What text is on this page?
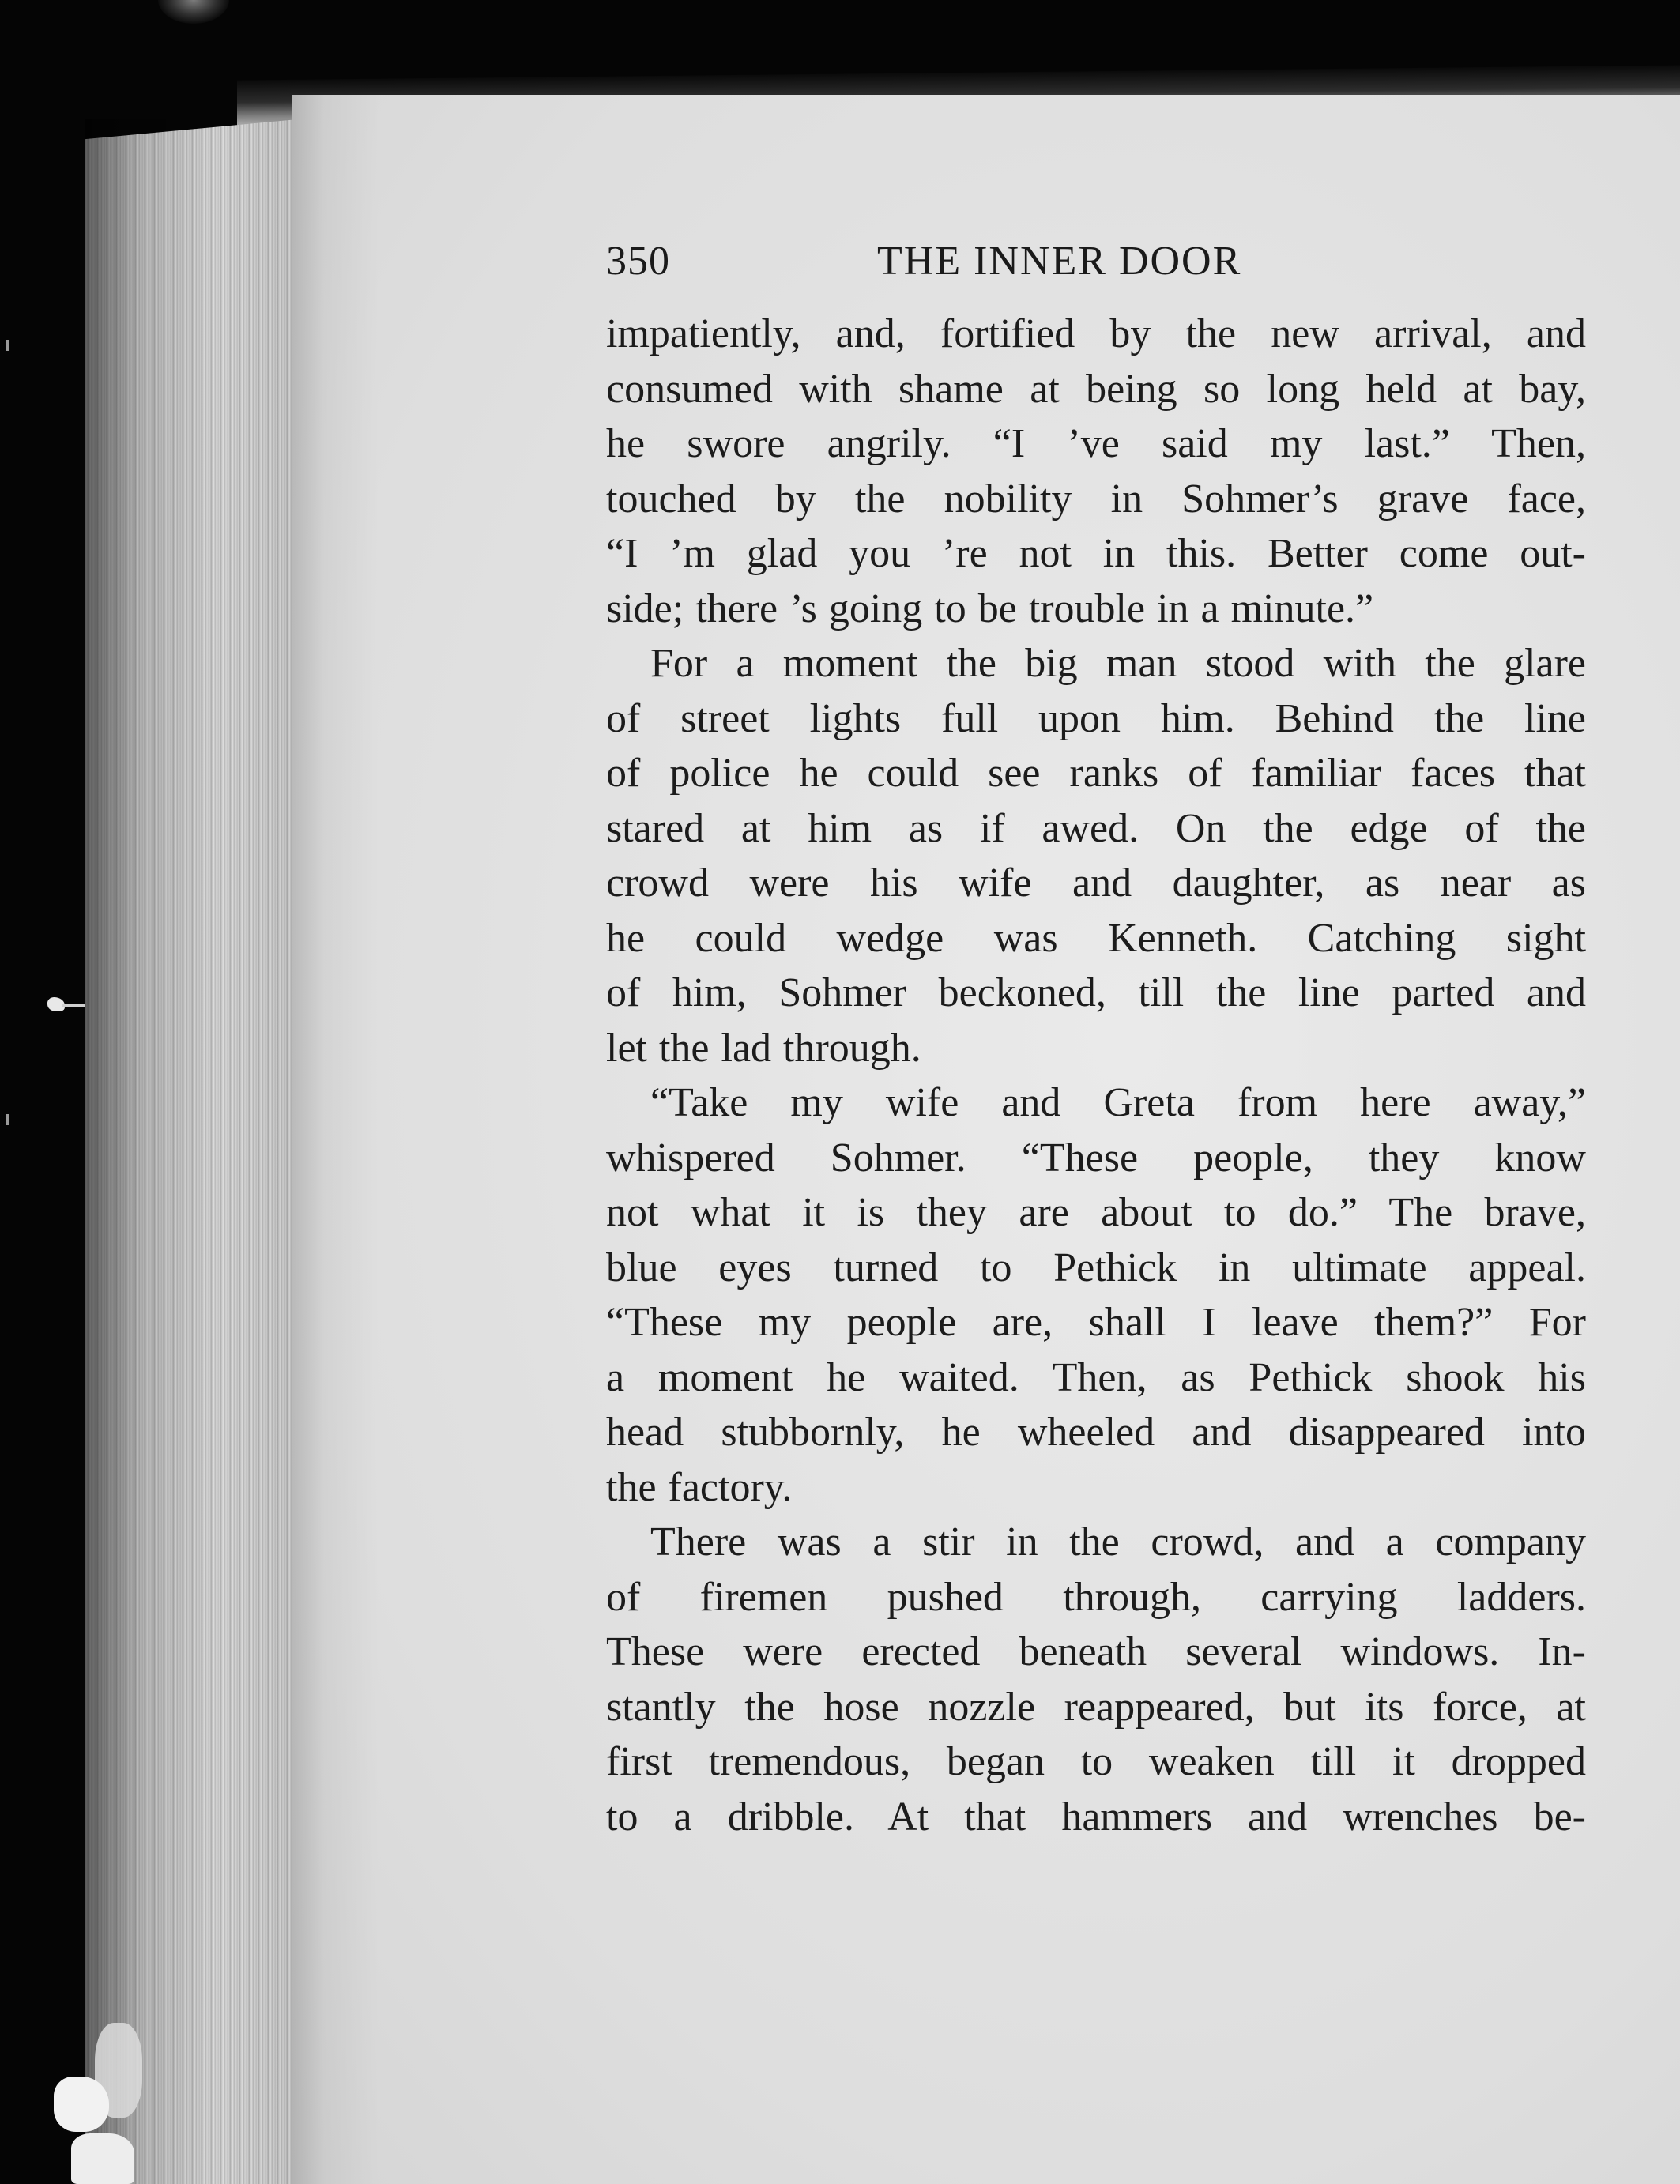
350	THE INNER DOOR
impatiently, and, fortified by the new arrival, and
consumed with shame at being so long held at bay,
he swore angrily. “I ’ve said my last.” Then,
touched by the nobility in Sohmer’s grave face,
“I ’m glad you ’re not in this. Better come out-
side; there ’s going to be trouble in a minute.”
For a moment the big man stood with the glare
of street lights full upon him. Behind the line
of police he could see ranks of familiar faces that
stared at him as if awed. On the edge of the
crowd were his wife and daughter, as near as
he could wedge was Kenneth. Catching sight
of him, Sohmer beckoned, till the line parted and
let the lad through.
“Take my wife and Greta from here away,”
whispered Sohmer. “These people, they know
not what it is they are about to do.” The brave,
blue eyes turned to Pethick in ultimate appeal.
“These my people are, shall I leave them?” For
a moment he waited. Then, as Pethick shook his
head stubbornly, he wheeled and disappeared into
the factory.
There was a stir in the crowd, and a company
of firemen pushed through, carrying ladders.
These were erected beneath several windows. In-
stantly the hose nozzle reappeared, but its force, at
first tremendous, began to weaken till it dropped
to a dribble. At that hammers and wrenches be-
